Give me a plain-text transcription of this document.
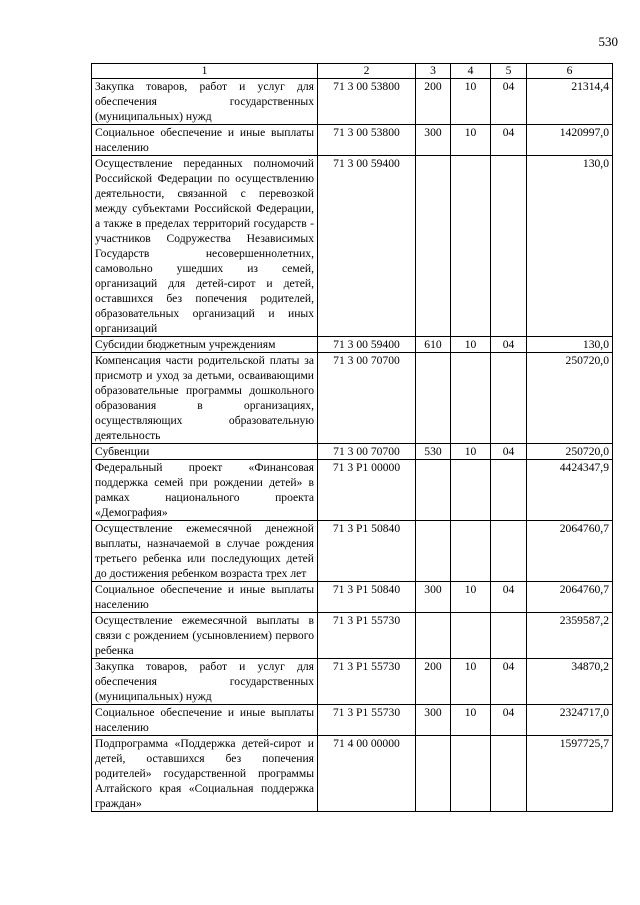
530
1	2	3	4	5	6
Закупка товаров, работ и услуг для обеспечения государственных (муниципальных) нужд	71 3 00 53800	200	10	04	21314,4
Социальное обеспечение и иные выплаты населению	71 3 00 53800	300	10	04	1420997,0
Осуществление переданных полномочий Российской Федерации по осуществлению деятельности, связанной с перевозкой между субъектами Российской Федерации, а также в пределах территорий государств - участников Содружества Независимых Государств несовершеннолетних, самовольно ушедших из семей, организаций для детей-сирот и детей, оставшихся без попечения родителей, образовательных организаций и иных организаций	71 3 00 59400				130,0
Субсидии бюджетным учреждениям	71 3 00 59400	610	10	04	130,0
Компенсация части родительской платы за присмотр и уход за детьми, осваивающими образовательные программы дошкольного образования в организациях, осуществляющих образовательную деятельность	71 3 00 70700				250720,0
Субвенции	71 3 00 70700	530	10	04	250720,0
Федеральный проект «Финансовая поддержка семей при рождении детей» в рамках национального проекта «Демография»	71 3 P1 00000				4424347,9
Осуществление ежемесячной денежной выплаты, назначаемой в случае рождения третьего ребенка или последующих детей до достижения ребенком возраста трех лет	71 3 P1 50840				2064760,7
Социальное обеспечение и иные выплаты населению	71 3 P1 50840	300	10	04	2064760,7
Осуществление ежемесячной выплаты в связи с рождением (усыновлением) первого ребенка	71 3 P1 55730				2359587,2
Закупка товаров, работ и услуг для обеспечения государственных (муниципальных) нужд	71 3 P1 55730	200	10	04	34870,2
Социальное обеспечение и иные выплаты населению	71 3 P1 55730	300	10	04	2324717,0
Подпрограмма «Поддержка детей-сирот и детей, оставшихся без попечения родителей» государственной программы Алтайского края «Социальная поддержка граждан»	71 4 00 00000				1597725,7
